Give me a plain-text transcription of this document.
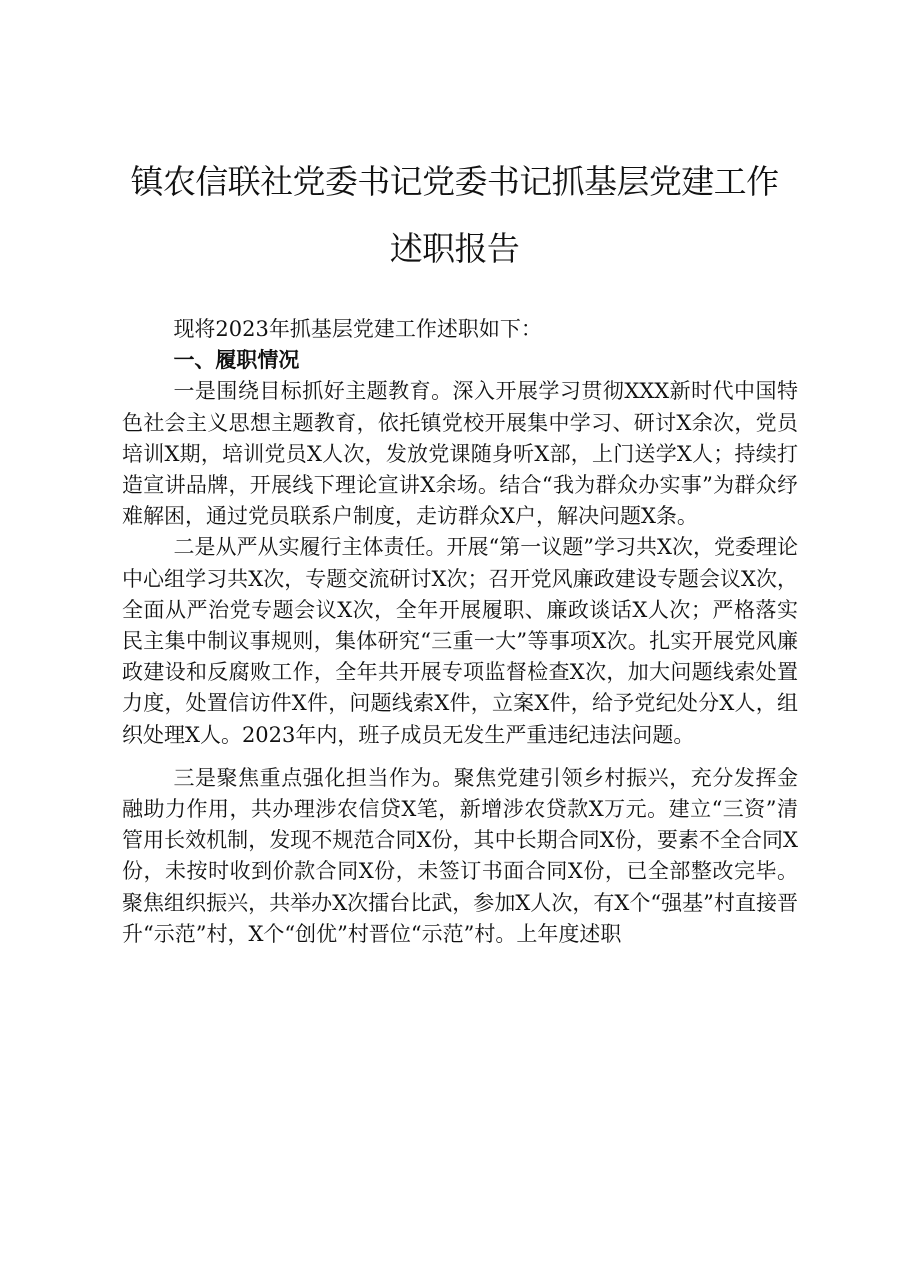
镇农信联社党委书记党委书记抓基层党建工作
述职报告

现将2023年抓基层党建工作述职如下：

一、履职情况

一是围绕目标抓好主题教育。深入开展学习贯彻XXX新时代中国特色社会主义思想主题教育，依托镇党校开展集中学习、研讨X余次，党员培训X期，培训党员X人次，发放党课随身听X部，上门送学X人；持续打造宣讲品牌，开展线下理论宣讲X余场。结合“我为群众办实事”为群众纾难解困，通过党员联系户制度，走访群众X户，解决问题X条。

二是从严从实履行主体责任。开展“第一议题”学习共X次，党委理论中心组学习共X次，专题交流研讨X次；召开党风廉政建设专题会议X次，全面从严治党专题会议X次，全年开展履职、廉政谈话X人次；严格落实民主集中制议事规则，集体研究“三重一大”等事项X次。扎实开展党风廉政建设和反腐败工作，全年共开展专项监督检查X次，加大问题线索处置力度，处置信访件X件，问题线索X件，立案X件，给予党纪处分X人，组织处理X人。2023年内，班子成员无发生严重违纪违法问题。

三是聚焦重点强化担当作为。聚焦党建引领乡村振兴，充分发挥金融助力作用，共办理涉农信贷X笔，新增涉农贷款X万元。建立“三资”清管用长效机制，发现不规范合同X份，其中长期合同X份，要素不全合同X份，未按时收到价款合同X份，未签订书面合同X份，已全部整改完毕。聚焦组织振兴，共举办X次擂台比武，参加X人次，有X个“强基”村直接晋升“示范”村，X个“创优”村晋位“示范”村。上年度述职
